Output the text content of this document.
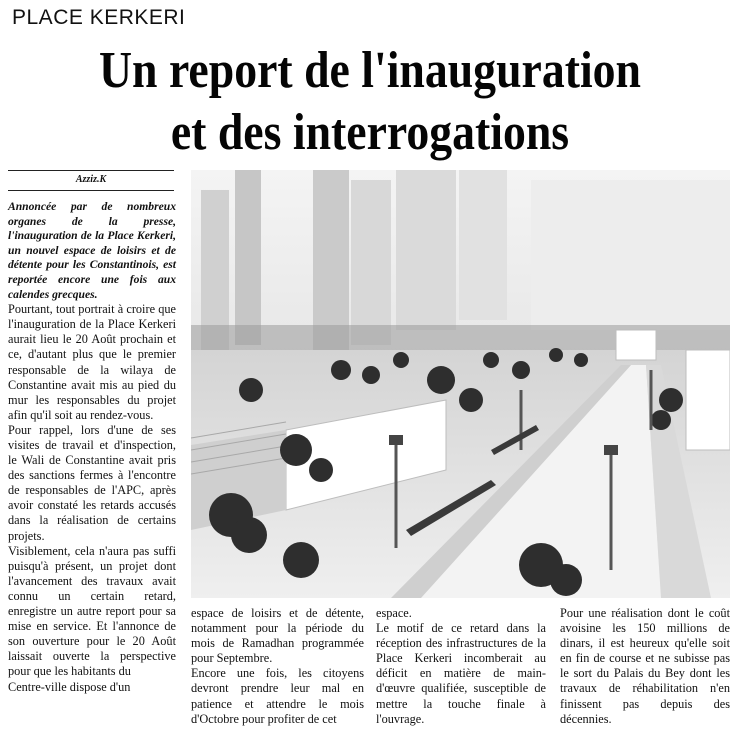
PLACE KERKERI
Un report de l'inauguration
et des interrogations
Azziz.K

Annoncée par de nombreux organes de la presse, l'inauguration de la Place Kerkeri, un nouvel espace de loisirs et de détente pour les Constantinois, est reportée encore une fois aux calendes grecques.

Pourtant, tout portrait à croire que l'inauguration de la Place Kerkeri aurait lieu le 20 Août prochain et ce, d'autant plus que le premier responsable de la wilaya de Constantine avait mis au pied du mur les responsables du projet afin qu'il soit au rendez-vous.

Pour rappel, lors d'une de ses visites de travail et d'inspection, le Wali de Constantine avait pris des sanctions fermes à l'encontre de responsables de l'APC, après avoir constaté les retards accusés dans la réalisation de certains projets.

Visiblement, cela n'aura pas suffi puisqu'à présent, un projet dont l'avancement des travaux avait connu un certain retard, enregistre un autre report pour sa mise en service. Et l'annonce de son ouverture pour le 20 Août laissait ouverte la perspective pour que les habitants du

Centre-ville dispose d'un

espace de loisirs et de détente, notamment pour la période du mois de Ramadhan programmée pour Septembre.

Encore une fois, les citoyens devront prendre leur mal en patience et attendre le mois d'Octobre pour profiter de cet

espace.

Le motif de ce retard dans la réception des infrastructures de la Place Kerkeri incomberait au déficit en matière de main-d'œuvre qualifiée, susceptible de mettre la touche finale à l'ouvrage.

Pour une réalisation dont le coût avoisine les 150 millions de dinars, il est heureux qu'elle soit en fin de course et ne subisse pas le sort du Palais du Bey dont les travaux de réhabilitation n'en finissent pas depuis des décennies.
